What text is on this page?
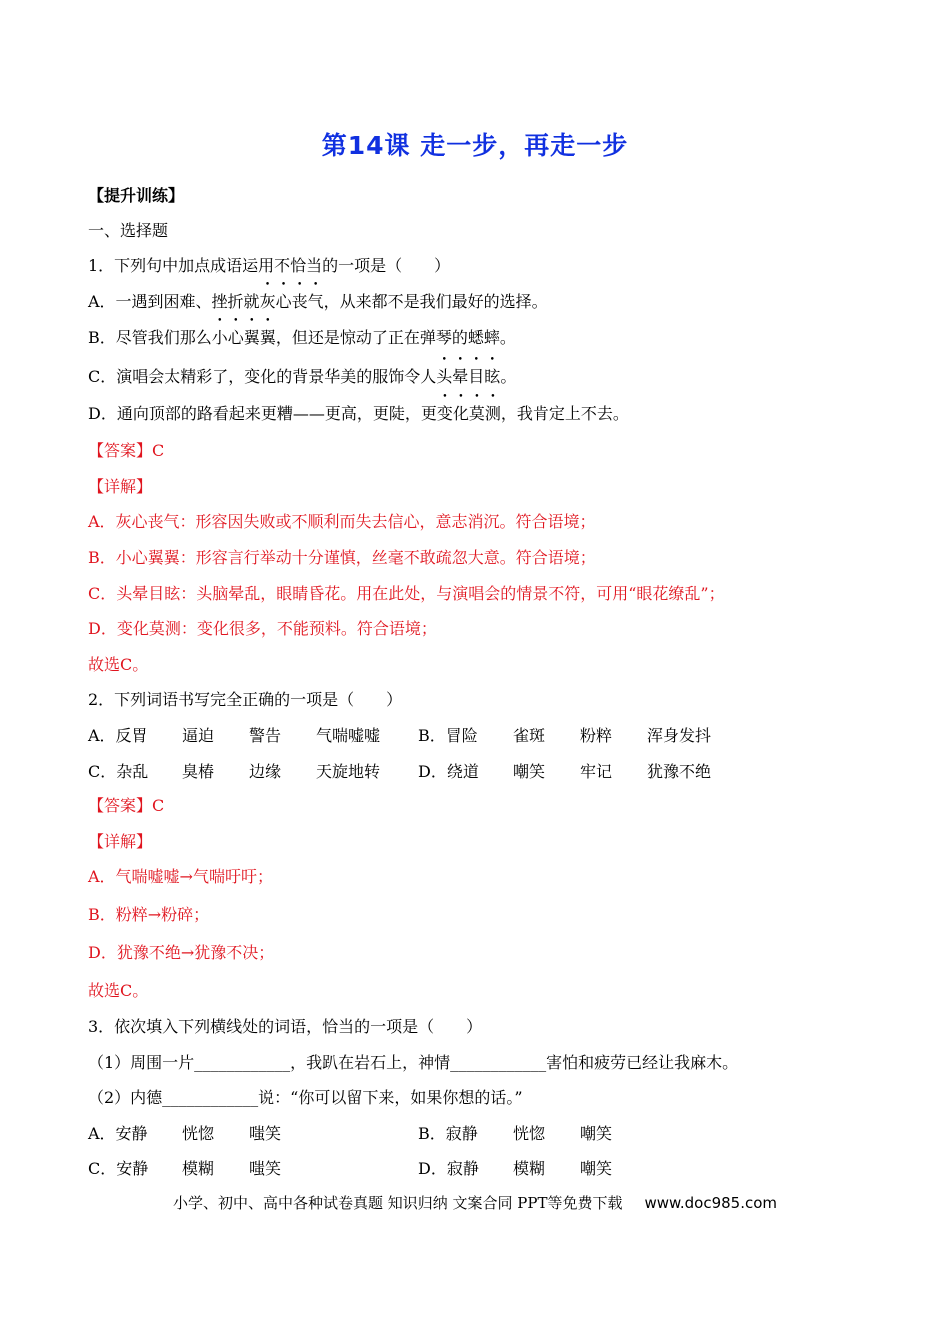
第14课 走一步，再走一步
【提升训练】
一、选择题
1．下列句中加点成语运用不恰当的一项是（　　）
A．一遇到困难、挫折就灰心丧气，从来都不是我们最好的选择。
B．尽管我们那么小心翼翼，但还是惊动了正在弹琴的蟋蟀。
C．演唱会太精彩了，变化的背景华美的服饰令人头晕目眩。
D．通向顶部的路看起来更糟——更高，更陡，更变化莫测，我肯定上不去。
【答案】C
【详解】
A．灰心丧气：形容因失败或不顺利而失去信心，意志消沉。符合语境；
B．小心翼翼：形容言行举动十分谨慎，丝毫不敢疏忽大意。符合语境；
C．头晕目眩：头脑晕乱，眼睛昏花。用在此处，与演唱会的情景不符，可用“眼花缭乱”；
D．变化莫测：变化很多，不能预料。符合语境；
故选C。
2．下列词语书写完全正确的一项是（　　）
A．反胃 逼迫 警告 气喘嘘嘘 B．冒险 雀斑 粉粹 浑身发抖
C．杂乱 臭椿 边缘 天旋地转 D．绕道 嘲笑 牢记 犹豫不绝
【答案】C
【详解】
A．气喘嘘嘘→气喘吁吁；
B．粉粹→粉碎；
D．犹豫不绝→犹豫不决；
故选C。
3．依次填入下列横线处的词语，恰当的一项是（　　）
（1）周围一片____________，我趴在岩石上，神情____________害怕和疲劳已经让我麻木。
（2）内德____________说：“你可以留下来，如果你想的话。”
A．安静 恍惚 嗤笑	B．寂静 恍惚 嘲笑
C．安静 模糊 嗤笑	D．寂静 模糊 嘲笑
小学、初中、高中各种试卷真题 知识归纳 文案合同 PPT等免费下载 www.doc985.com
